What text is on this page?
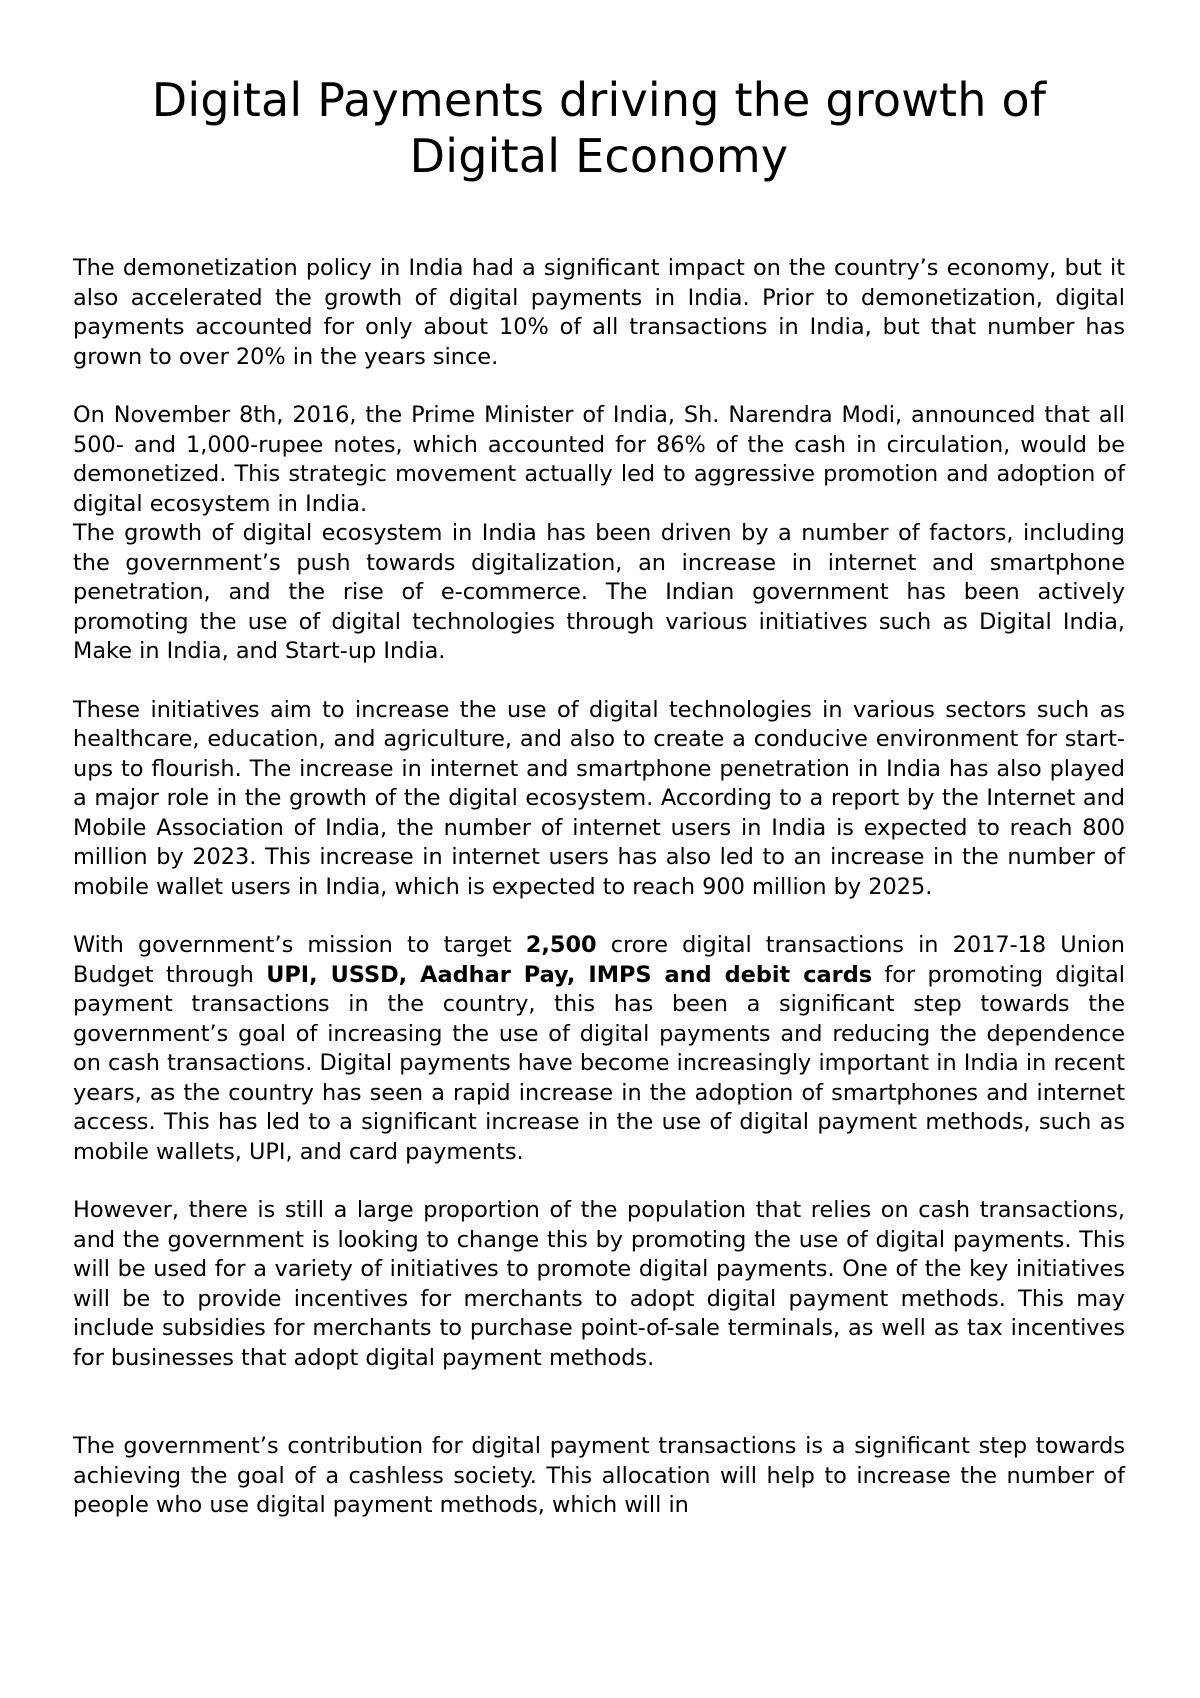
Digital Payments driving the growth of Digital Economy

The demonetization policy in India had a significant impact on the country’s economy, but it also accelerated the growth of digital payments in India. Prior to demonetization, digital payments accounted for only about 10% of all transactions in India, but that number has grown to over 20% in the years since.

On November 8th, 2016, the Prime Minister of India, Sh. Narendra Modi, announced that all 500- and 1,000-rupee notes, which accounted for 86% of the cash in circulation, would be demonetized. This strategic movement actually led to aggressive promotion and adoption of digital ecosystem in India.

The growth of digital ecosystem in India has been driven by a number of factors, including the government’s push towards digitalization, an increase in internet and smartphone penetration, and the rise of e-commerce. The Indian government has been actively promoting the use of digital technologies through various initiatives such as Digital India, Make in India, and Start-up India.

These initiatives aim to increase the use of digital technologies in various sectors such as healthcare, education, and agriculture, and also to create a conducive environment for start-ups to flourish. The increase in internet and smartphone penetration in India has also played a major role in the growth of the digital ecosystem. According to a report by the Internet and Mobile Association of India, the number of internet users in India is expected to reach 800 million by 2023. This increase in internet users has also led to an increase in the number of mobile wallet users in India, which is expected to reach 900 million by 2025.

With government’s mission to target 2,500 crore digital transactions in 2017-18 Union Budget through UPI, USSD, Aadhar Pay, IMPS and debit cards for promoting digital payment transactions in the country, this has been a significant step towards the government’s goal of increasing the use of digital payments and reducing the dependence on cash transactions. Digital payments have become increasingly important in India in recent years, as the country has seen a rapid increase in the adoption of smartphones and internet access. This has led to a significant increase in the use of digital payment methods, such as mobile wallets, UPI, and card payments.

However, there is still a large proportion of the population that relies on cash transactions, and the government is looking to change this by promoting the use of digital payments. This will be used for a variety of initiatives to promote digital payments. One of the key initiatives will be to provide incentives for merchants to adopt digital payment methods. This may include subsidies for merchants to purchase point-of-sale terminals, as well as tax incentives for businesses that adopt digital payment methods.

The government’s contribution for digital payment transactions is a significant step towards achieving the goal of a cashless society. This allocation will help to increase the number of people who use digital payment methods, which will in
